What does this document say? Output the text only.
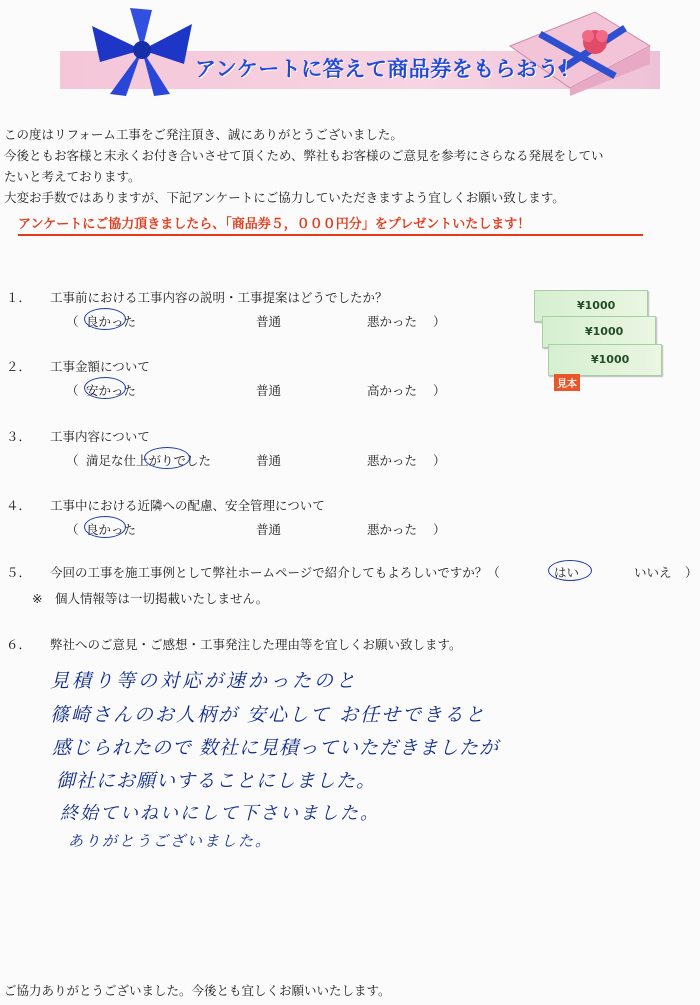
アンケートに答えて商品券をもらおう！

この度はリフォーム工事をご発注頂き、誠にありがとうございました。

今後ともお客様と末永くお付き合いさせて頂くため、弊社もお客様のご意見を参考にさらなる発展をしてい

たいと考えております。

大変お手数ではありますが、下記アンケートにご協力していただきますよう宜しくお願い致します。

アンケートにご協力頂きましたら、「商品券５，０００円分」をプレゼントいたします！
¥1000
¥1000
¥1000
見本
１． 工事前における工事内容の説明・工事提案はどうでしたか？
（ 良かった	普通	悪かった ）
２． 工事金額について
（ 安かった	普通	高かった ）
３． 工事内容について
（ 満足な仕上がりでした	普通	悪かった ）
４． 工事中における近隣への配慮、安全管理について
（ 良かった	普通	悪かった ）
５． 今回の工事を施工事例として弊社ホームページで紹介してもよろしいですか？（	はい	いいえ ）
※　個人情報等は一切掲載いたしません。
６． 弊社へのご意見・ご感想・工事発注した理由等を宜しくお願い致します。
見積り等の対応が速かったのと
篠崎さんのお人柄が 安心して お任せできると
感じられたので 数社に見積っていただきましたが
御社にお願いすることにしました。
終始ていねいにして下さいました。
ありがとうございました。
ご協力ありがとうございました。今後とも宜しくお願いいたします。
